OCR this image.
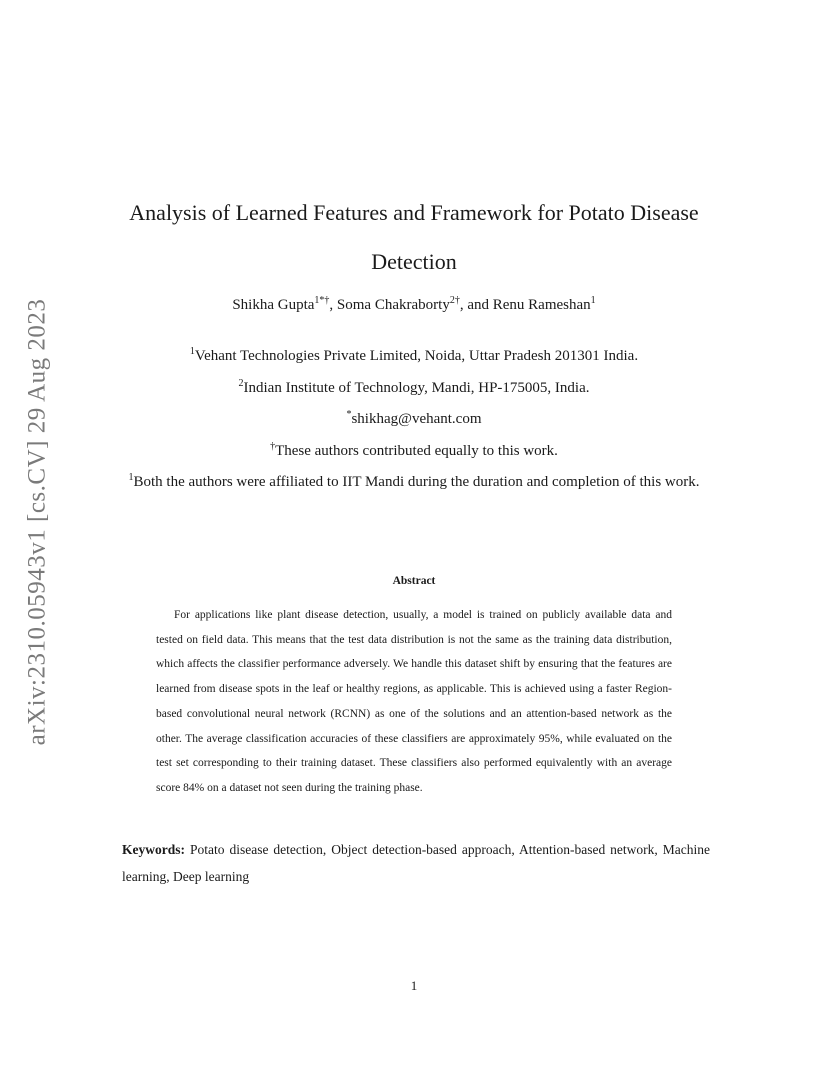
arXiv:2310.05943v1 [cs.CV] 29 Aug 2023
Analysis of Learned Features and Framework for Potato Disease Detection
Shikha Gupta$^{1*\dagger}$, Soma Chakraborty$^{2\dagger}$, and Renu Rameshan$^1$
$^1$Vehant Technologies Private Limited, Noida, Uttar Pradesh 201301 India.
$^2$Indian Institute of Technology, Mandi, HP-175005, India.
*shikhag@vehant.com
†These authors contributed equally to this work.
$^1$Both the authors were affiliated to IIT Mandi during the duration and completion of this work.
Abstract

For applications like plant disease detection, usually, a model is trained on publicly available data and tested on field data. This means that the test data distribution is not the same as the training data distribution, which affects the classifier performance adversely. We handle this dataset shift by ensuring that the features are learned from disease spots in the leaf or healthy regions, as applicable. This is achieved using a faster Region-based convolutional neural network (RCNN) as one of the solutions and an attention-based network as the other. The average classification accuracies of these classifiers are approximately 95%, while evaluated on the test set corresponding to their training dataset. These classifiers also performed equivalently with an average score 84% on a dataset not seen during the training phase.

Keywords: Potato disease detection, Object detection-based approach, Attention-based network, Machine learning, Deep learning

1
